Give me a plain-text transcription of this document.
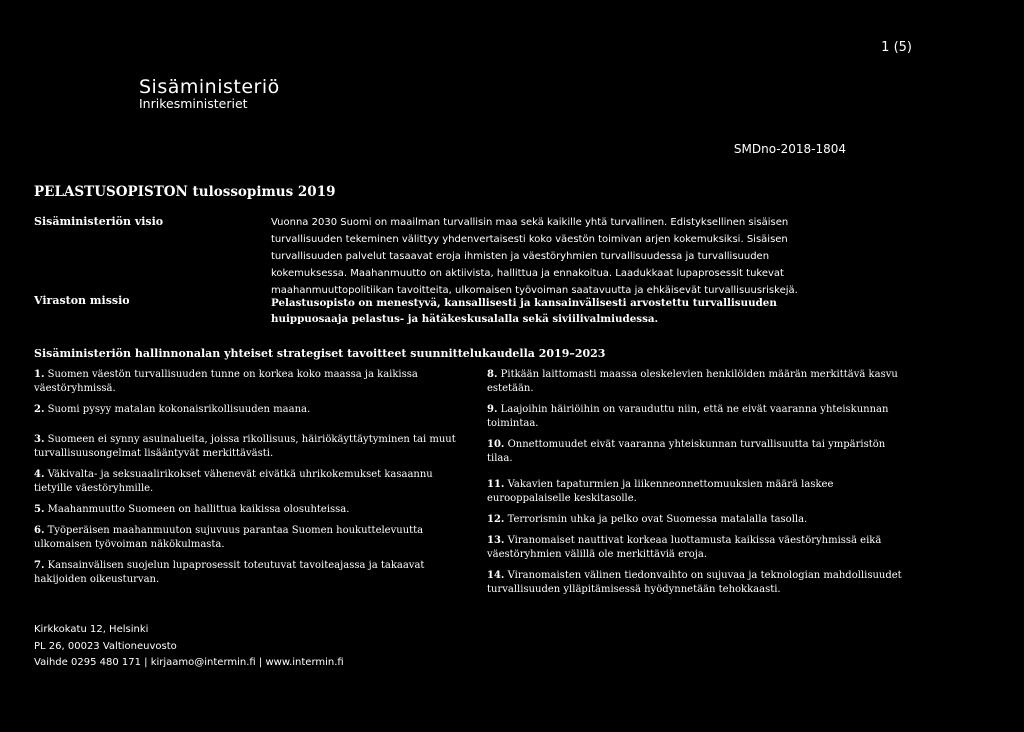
1 (5)
Sisäministeriö
Inrikesministeriet
SMDno-2018-1804
PELASTUSOPISTON tulossopimus 2019
Sisäministeriön visio	Vuonna 2030 Suomi on maailman turvallisin maa sekä kaikille yhtä turvallinen. Edistyksellinen sisäisen turvallisuuden tekeminen välittyy yhdenvertaisesti koko väestön toimivan arjen kokemuksiksi. Sisäisen turvallisuuden palvelut tasaavat eroja ihmisten ja väestöryhmien turvallisuudessa ja turvallisuuden kokemuksessa. Maahanmuutto on aktiivista, hallittua ja ennakoitua. Laadukkaat lupaprosessit tukevat maahanmuuttopolitiikan tavoitteita, ulkomaisen työvoiman saatavuutta ja ehkäisevät turvallisuusriskejä.
Viraston missio	Pelastusopisto on menestyvä, kansallisesti ja kansainvälisesti arvostettu turvallisuuden huippuosaaja pelastus- ja hätäkeskusalalla sekä siviilivalmiudessa.
Sisäministeriön hallinnonalan yhteiset strategiset tavoitteet suunnittelukaudella 2019–2023
1. Suomen väestön turvallisuuden tunne on korkea koko maassa ja kaikissa väestöryhmissä.
2. Suomi pysyy matalan kokonaisrikollisuuden maana.
3. Suomeen ei synny asuinalueita, joissa rikollisuus, häiriökäyttäytyminen tai muut turvallisuusongelmat lisääntyvät merkittävästi.
4. Väkivalta- ja seksuaalirikokset vähenevät eivätkä uhrikokemukset kasaannu tietyille väestöryhmille.
5. Maahanmuutto Suomeen on hallittua kaikissa olosuhteissa.
6. Työperäisen maahanmuuton sujuvuus parantaa Suomen houkuttelevuutta ulkomaisen työvoiman näkökulmasta.
7. Kansainvälisen suojelun lupaprosessit toteutuvat tavoiteajassa ja takaavat hakijoiden oikeusturvan.
8. Pitkään laittomasti maassa oleskelevien henkilöiden määrän merkittävä kasvu estetään.
9. Laajoihin häiriöihin on varauduttu niin, että ne eivät vaaranna yhteiskunnan toimintaa.
10. Onnettomuudet eivät vaaranna yhteiskunnan turvallisuutta tai ympäristön tilaa.
11. Vakavien tapaturmien ja liikenneonnettomuuksien määrä laskee eurooppalaiselle keskitasolle.
12. Terrorismin uhka ja pelko ovat Suomessa matalalla tasolla.
13. Viranomaiset nauttivat korkeaa luottamusta kaikissa väestöryhmissä eikä väestöryhmien välillä ole merkittäviä eroja.
14. Viranomaisten välinen tiedonvaihto on sujuvaa ja teknologian mahdollisuudet turvallisuuden ylläpitämisessä hyödynnetään tehokkaasti.
Kirkkokatu 12, Helsinki
PL 26, 00023 Valtioneuvosto
Vaihde 0295 480 171 | kirjaamo@intermin.fi | www.intermin.fi
